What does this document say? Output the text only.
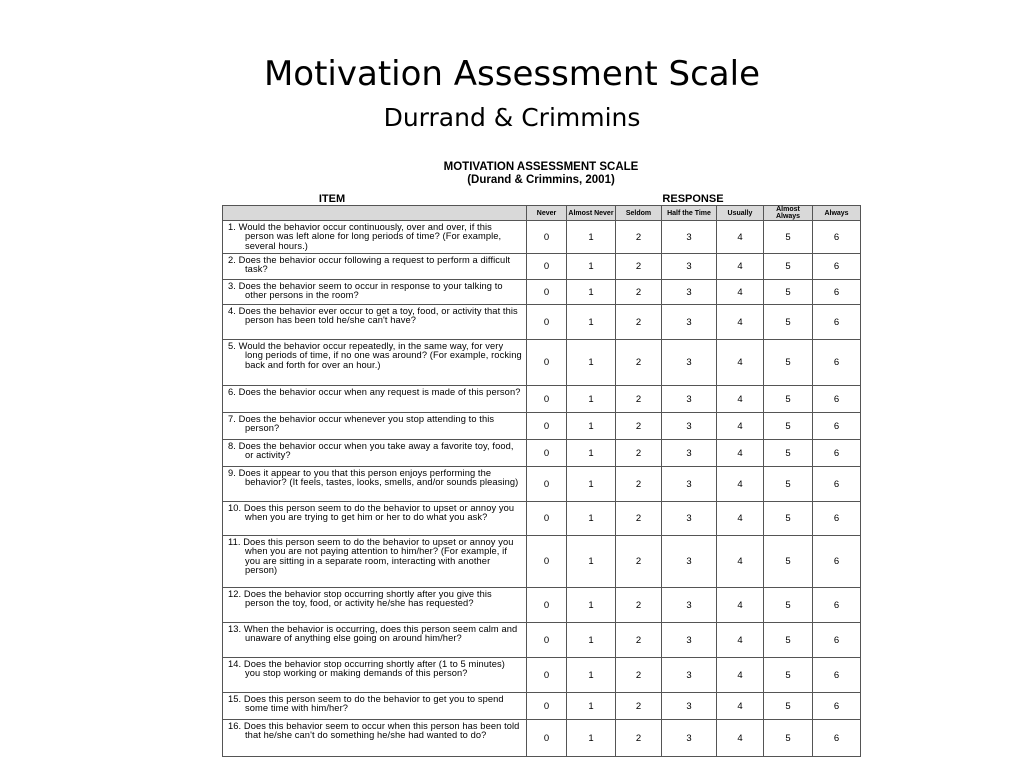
Motivation Assessment Scale
Durrand & Crimmins
MOTIVATION ASSESSMENT SCALE
(Durand & Crimmins, 2001)
ITEM	RESPONSE
	Never	Almost Never	Seldom	Half the Time	Usually	Almost Always	Always
1. Would the behavior occur continuously, over and over, if this person was left alone for long periods of time? (For example, several hours.)	0	1	2	3	4	5	6
2. Does the behavior occur following a request to perform a difficult task?	0	1	2	3	4	5	6
3. Does the behavior seem to occur in response to your talking to other persons in the room?	0	1	2	3	4	5	6
4. Does the behavior ever occur to get a toy, food, or activity that this person has been told he/she can't have?	0	1	2	3	4	5	6
5. Would the behavior occur repeatedly, in the same way, for very long periods of time, if no one was around? (For example, rocking back and forth for over an hour.)	0	1	2	3	4	5	6
6. Does the behavior occur when any request is made of this person?	0	1	2	3	4	5	6
7. Does the behavior occur whenever you stop attending to this person?	0	1	2	3	4	5	6
8. Does the behavior occur when you take away a favorite toy, food, or activity?	0	1	2	3	4	5	6
9. Does it appear to you that this person enjoys performing the behavior? (It feels, tastes, looks, smells, and/or sounds pleasing)	0	1	2	3	4	5	6
10. Does this person seem to do the behavior to upset or annoy you when you are trying to get him or her to do what you ask?	0	1	2	3	4	5	6
11. Does this person seem to do the behavior to upset or annoy you when you are not paying attention to him/her? (For example, if you are sitting in a separate room, interacting with another person)	0	1	2	3	4	5	6
12. Does the behavior stop occurring shortly after you give this person the toy, food, or activity he/she has requested?	0	1	2	3	4	5	6
13. When the behavior is occurring, does this person seem calm and unaware of anything else going on around him/her?	0	1	2	3	4	5	6
14. Does the behavior stop occurring shortly after (1 to 5 minutes) you stop working or making demands of this person?	0	1	2	3	4	5	6
15. Does this person seem to do the behavior to get you to spend some time with him/her?	0	1	2	3	4	5	6
16. Does this behavior seem to occur when this person has been told that he/she can't do something he/she had wanted to do?	0	1	2	3	4	5	6
